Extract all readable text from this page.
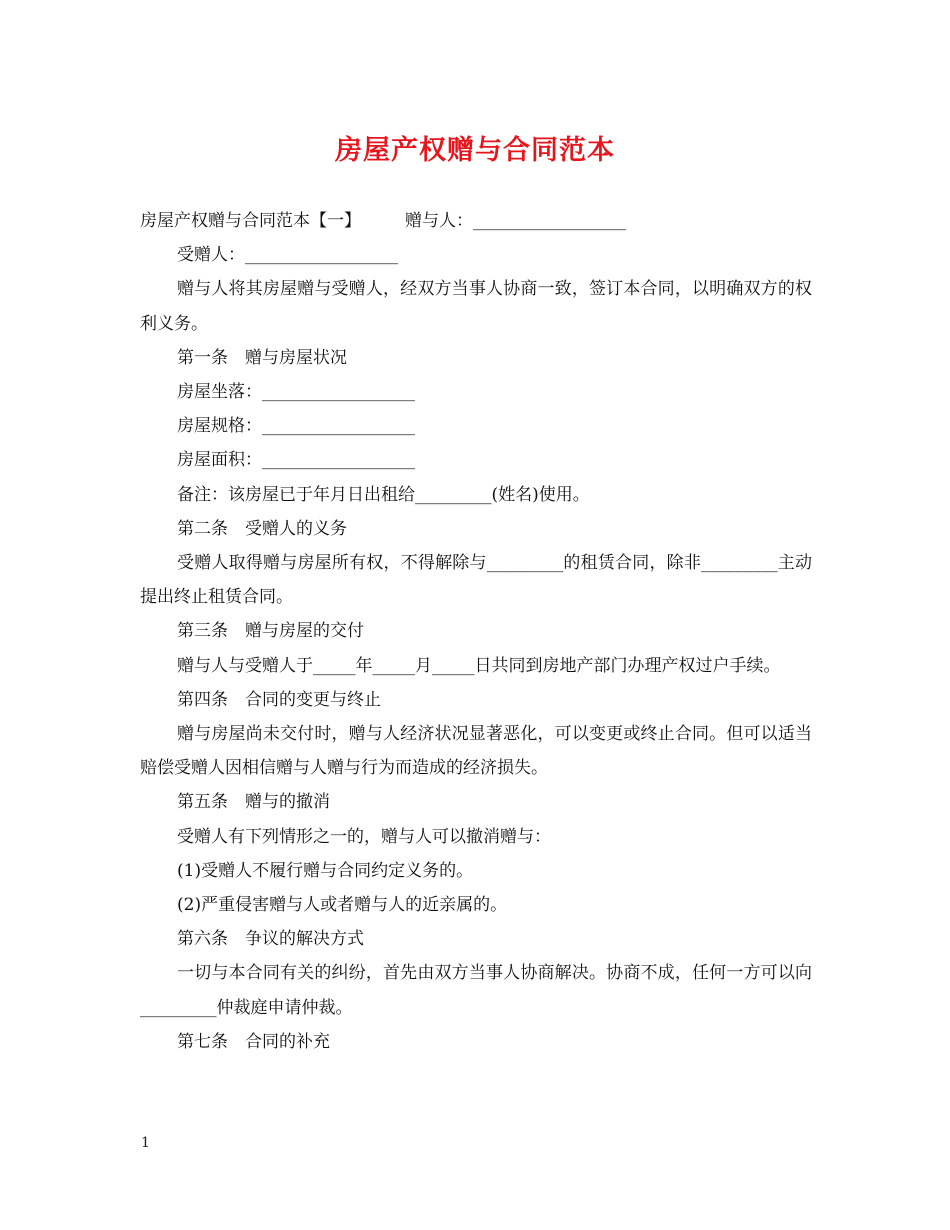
房屋产权赠与合同范本

房屋产权赠与合同范本【一】	赠与人：__________________

受赠人：__________________

赠与人将其房屋赠与受赠人，经双方当事人协商一致，签订本合同，以明确双方的权利义务。

第一条　赠与房屋状况

房屋坐落：__________________

房屋规格：__________________

房屋面积：__________________

备注：该房屋已于年月日出租给_________(姓名)使用。

第二条　受赠人的义务

受赠人取得赠与房屋所有权，不得解除与_________的租赁合同，除非_________主动提出终止租赁合同。

第三条　赠与房屋的交付

赠与人与受赠人于_____年_____月_____日共同到房地产部门办理产权过户手续。

第四条　合同的变更与终止

赠与房屋尚未交付时，赠与人经济状况显著恶化，可以变更或终止合同。但可以适当赔偿受赠人因相信赠与人赠与行为而造成的经济损失。

第五条　赠与的撤消

受赠人有下列情形之一的，赠与人可以撤消赠与：

(1)受赠人不履行赠与合同约定义务的。

(2)严重侵害赠与人或者赠与人的近亲属的。

第六条　争议的解决方式

一切与本合同有关的纠纷，首先由双方当事人协商解决。协商不成，任何一方可以向_________仲裁庭申请仲裁。

第七条　合同的补充

1
